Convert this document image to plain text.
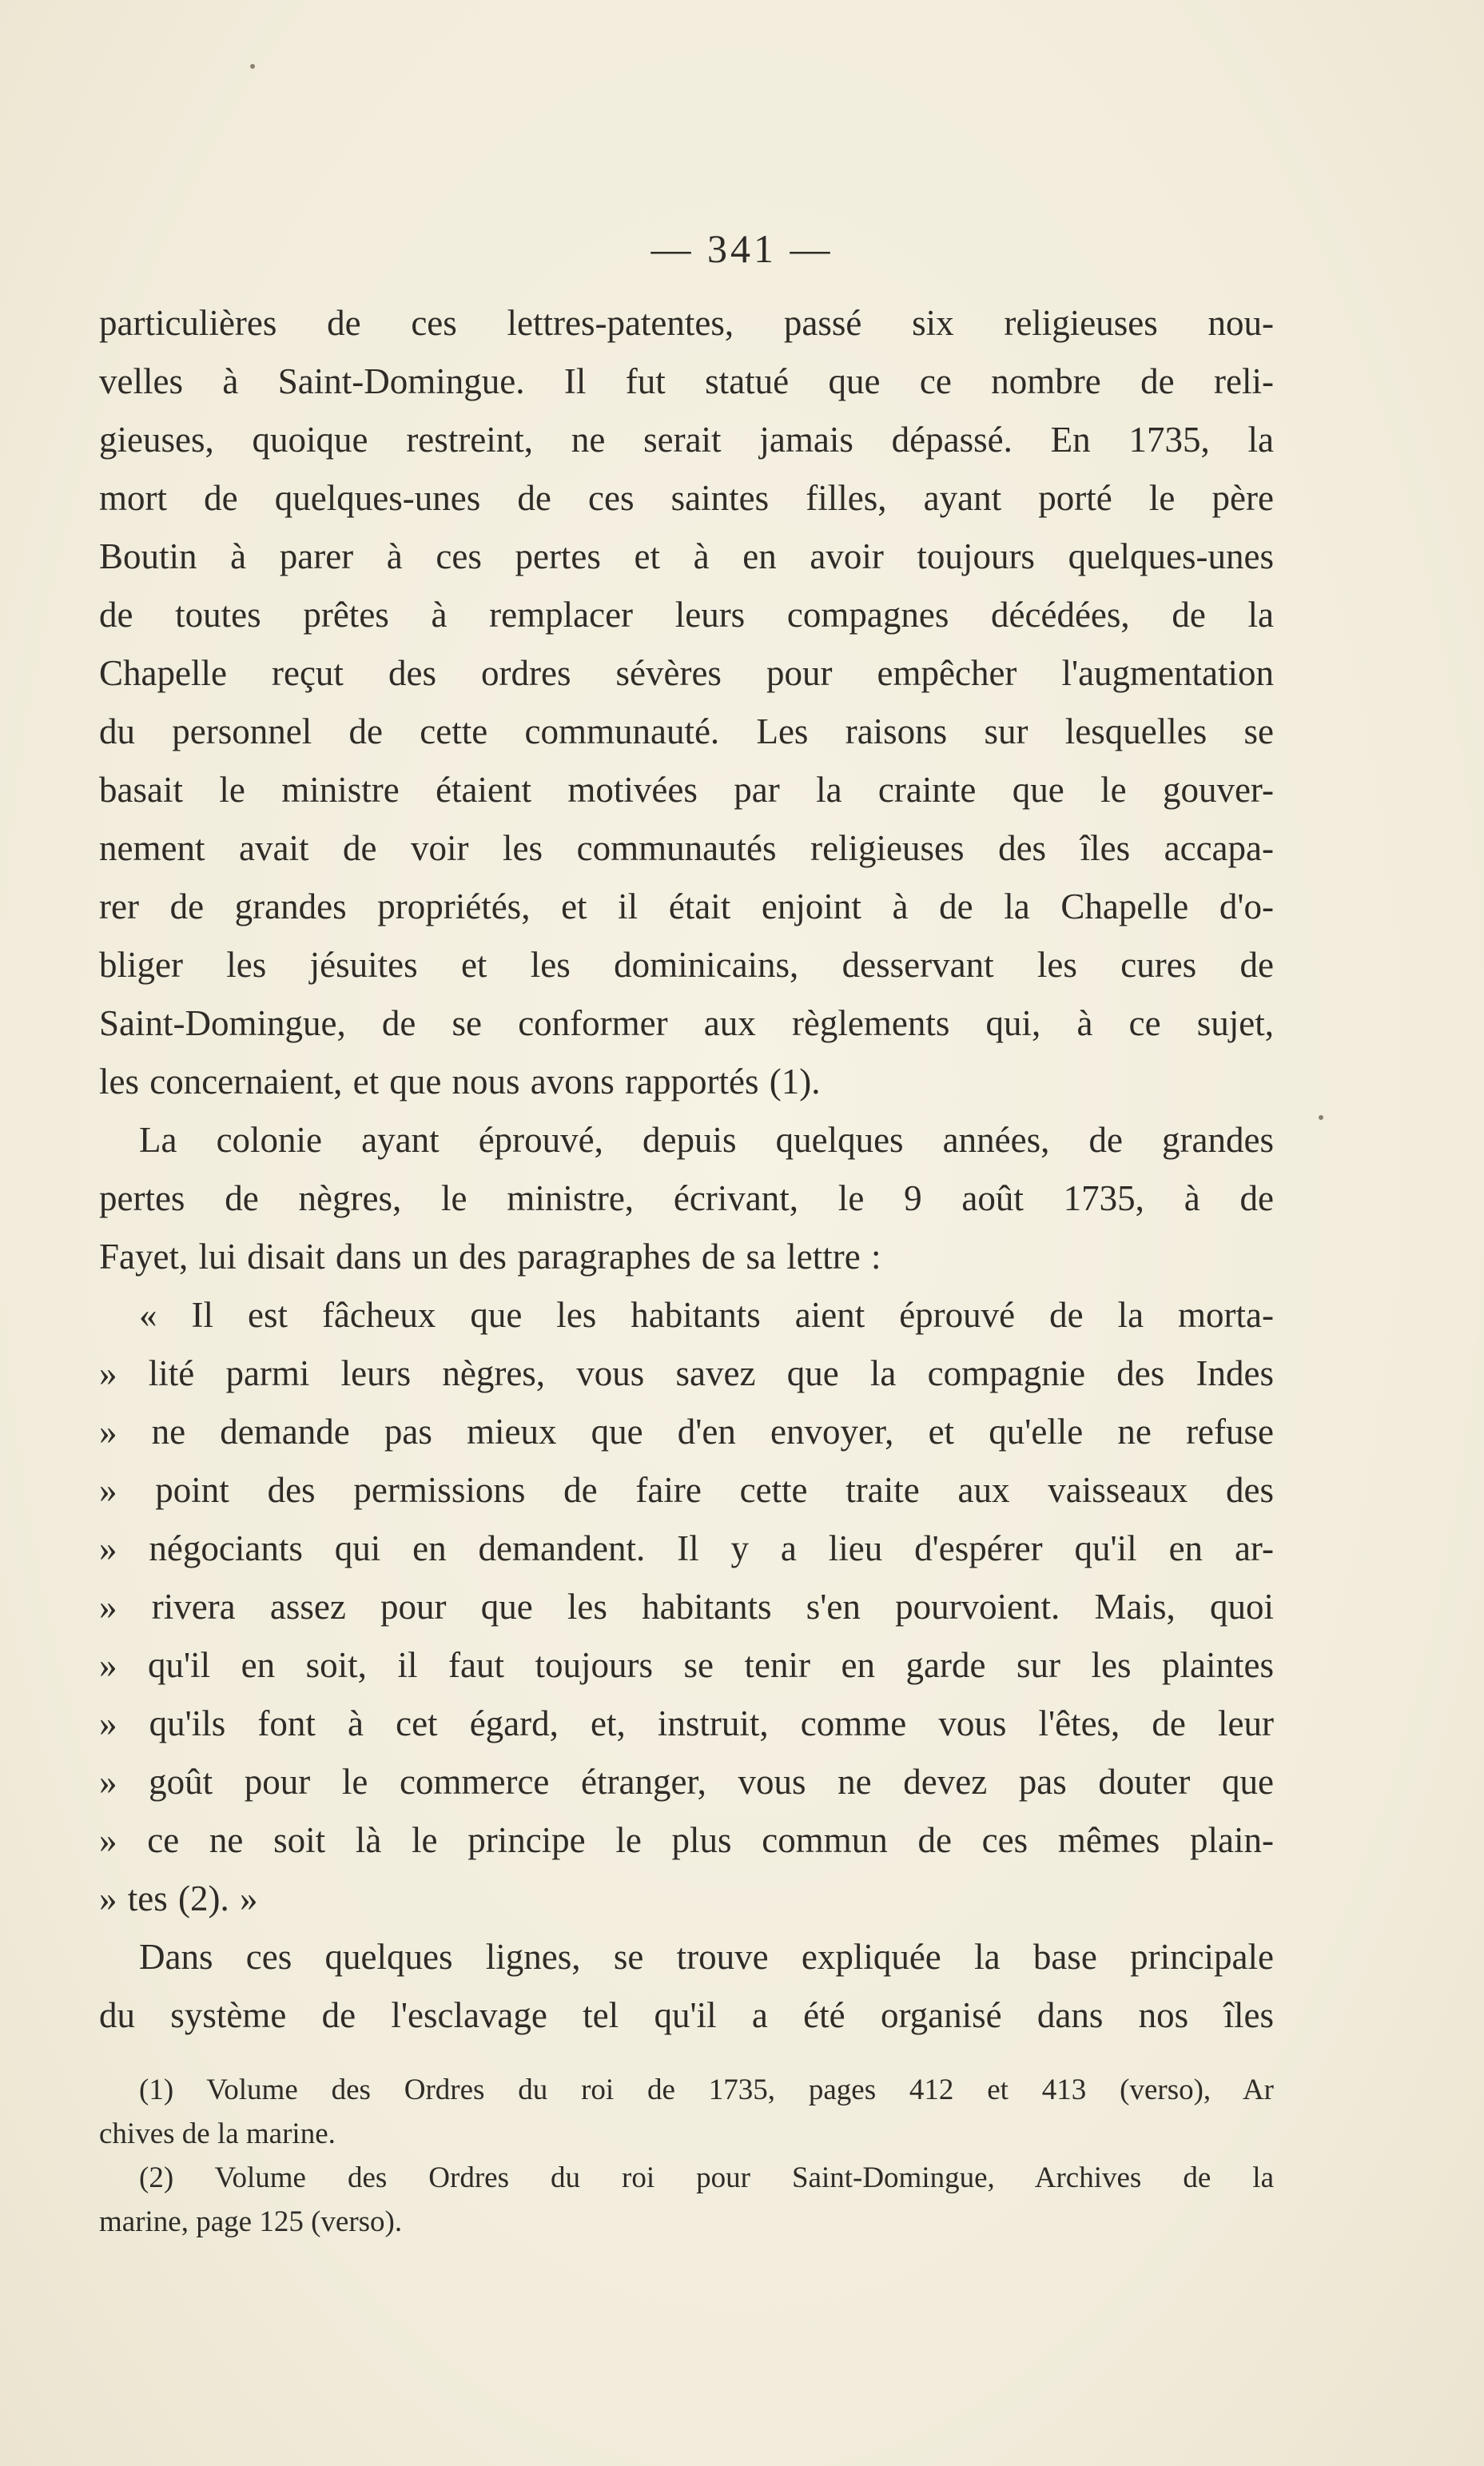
— 341 —
particulières de ces lettres-patentes, passé six religieuses nou-
velles à Saint-Domingue. Il fut statué que ce nombre de reli-
gieuses, quoique restreint, ne serait jamais dépassé. En 1735, la
mort de quelques-unes de ces saintes filles, ayant porté le père
Boutin à parer à ces pertes et à en avoir toujours quelques-unes
de toutes prêtes à remplacer leurs compagnes décédées, de la
Chapelle reçut des ordres sévères pour empêcher l'augmentation
du personnel de cette communauté. Les raisons sur lesquelles se
basait le ministre étaient motivées par la crainte que le gouver-
nement avait de voir les communautés religieuses des îles accapa-
rer de grandes propriétés, et il était enjoint à de la Chapelle d'o-
bliger les jésuites et les dominicains, desservant les cures de
Saint-Domingue, de se conformer aux règlements qui, à ce sujet,
les concernaient, et que nous avons rapportés (1).
La colonie ayant éprouvé, depuis quelques années, de grandes
pertes de nègres, le ministre, écrivant, le 9 août 1735, à de
Fayet, lui disait dans un des paragraphes de sa lettre :
« Il est fâcheux que les habitants aient éprouvé de la morta-
» lité parmi leurs nègres, vous savez que la compagnie des Indes
» ne demande pas mieux que d'en envoyer, et qu'elle ne refuse
» point des permissions de faire cette traite aux vaisseaux des
» négociants qui en demandent. Il y a lieu d'espérer qu'il en ar-
» rivera assez pour que les habitants s'en pourvoient. Mais, quoi
» qu'il en soit, il faut toujours se tenir en garde sur les plaintes
» qu'ils font à cet égard, et, instruit, comme vous l'êtes, de leur
» goût pour le commerce étranger, vous ne devez pas douter que
» ce ne soit là le principe le plus commun de ces mêmes plain-
» tes (2). »
Dans ces quelques lignes, se trouve expliquée la base principale
du système de l'esclavage tel qu'il a été organisé dans nos îles
(1) Volume des Ordres du roi de 1735, pages 412 et 413 (verso), Ar
chives de la marine.
(2) Volume des Ordres du roi pour Saint-Domingue, Archives de la
marine, page 125 (verso).
